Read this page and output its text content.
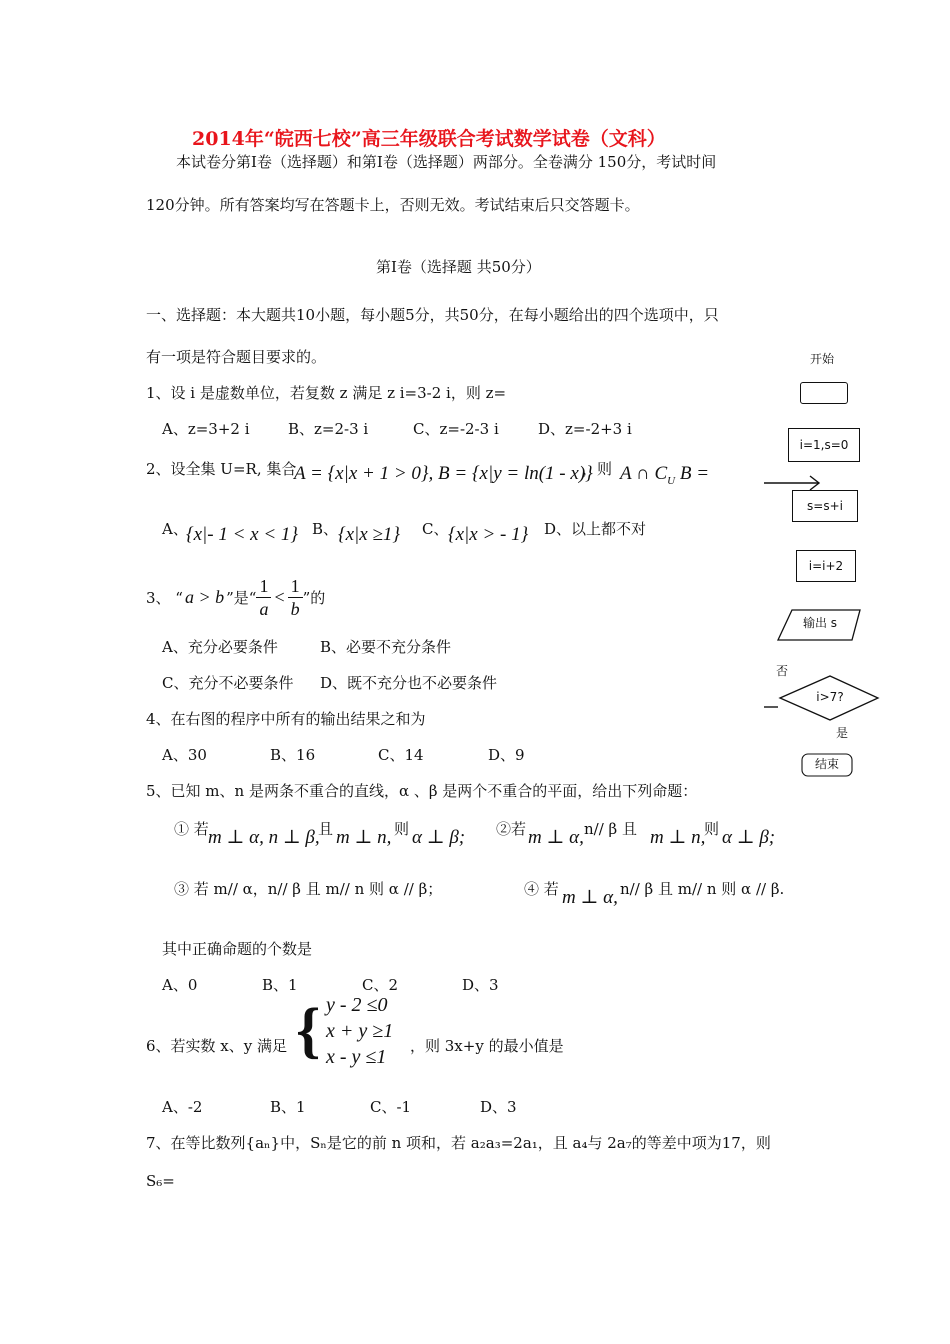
2014年“皖西七校”高三年级联合考试数学试卷（文科）
本试卷分第Ⅰ卷（选择题）和第Ⅰ卷（选择题）两部分。全卷满分 150分，考试时间
120分钟。所有答案均写在答题卡上，否则无效。考试结束后只交答题卡。
第Ⅰ卷（选择题 共50分）
一、选择题：本大题共10小题，每小题5分，共50分，在每小题给出的四个选项中，只
有一项是符合题目要求的。
1、设 i 是虚数单位，若复数 z 满足 z i=3-2 i，则 z=
A、z=3+2 i	B、z=2-3 i	C、z=-2-3 i	D、z=-2+3 i
2、设全集 U=R, 集合
A = {x|x + 1 > 0}, B = {x|y = ln(1 - x)}
，则 A ∩ $C_U$ B =
A、
{x|- 1 < x < 1} B、 {x|x ≥1} C、 {x|x > - 1} D、以上都不对
3、 “ a > b ”是“ $\frac{1}{a} < \frac{1}{b}$ ”的
A、充分必要条件	B、必要不充分条件
C、充分不必要条件 D、既不充分也不必要条件
4、在右图的程序中所有的输出结果之和为
A、30	B、16	C、14	D、9
5、已知 m、n 是两条不重合的直线，α 、β 是两个不重合的平面，给出下列命题：
① 若 m ⊥ α, n ⊥ β,
且 m ⊥ n, 则 α ⊥ β; ②若 m ⊥ α, n// β 且 m ⊥ n,
则 α ⊥ β;
③ 若 m// α，n// β 且 m// n 则 α // β；	④ 若 m ⊥ α, n// β 且 m// n 则 α // β.
其中正确命题的个数是
A、0	B、1	C、2	D、3
6、若实数 x、y 满足 { y - 2 ≤0
x + y ≥1
x - y ≤1 ，则 3x+y 的最小值是
A、-2	B、1	C、-1	D、3
7、在等比数列{aₙ}中，Sₙ是它的前 n 项和，若 a₂a₃=2a₁，且 a₄与 2a₇的等差中项为17，则
S₆=
开始
i=1,s=0
s=s+i
i=i+2
输出 s
否
i>7?
是
结束
